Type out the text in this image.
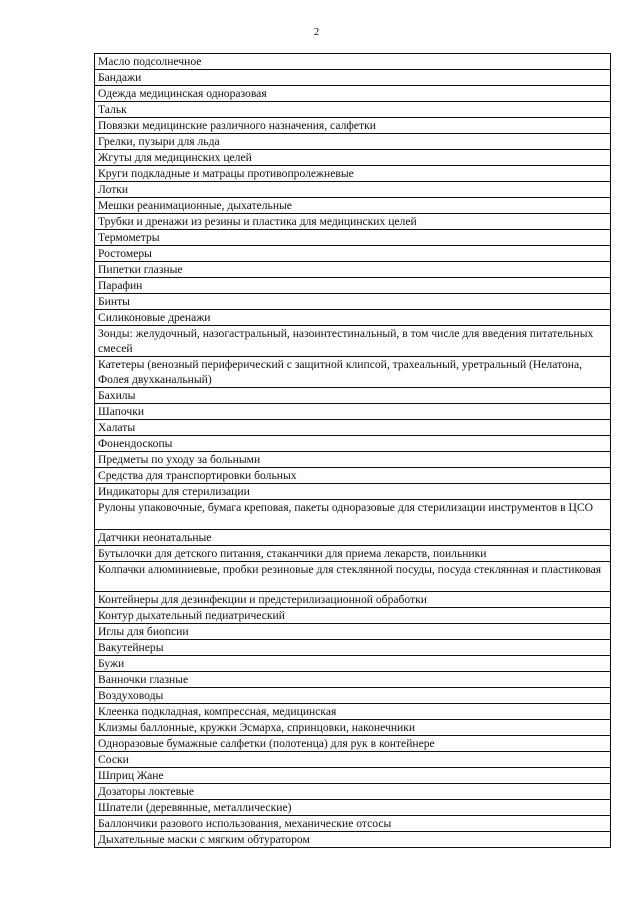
2
Масло подсолнечное
Бандажи
Одежда медицинская одноразовая
Тальк
Повязки медицинские различного назначения, салфетки
Грелки, пузыри для льда
Жгуты для медицинских целей
Круги подкладные и матрацы противопролежневые
Лотки
Мешки реанимационные, дыхательные
Трубки и дренажи из резины и пластика для медицинских целей
Термометры
Ростомеры
Пипетки глазные
Парафин
Бинты
Силиконовые дренажи
Зонды: желудочный, назогастральный, назоинтестинальный, в том числе для введения питательных смесей
Катетеры (венозный периферический с защитной клипсой, трахеальный, уретральный (Нелатона, Фолея двухканальный)
Бахилы
Шапочки
Халаты
Фонендоскопы
Предметы по уходу за больными
Средства для транспортировки больных
Индикаторы для стерилизации
Рулоны упаковочные, бумага креповая, пакеты одноразовые для стерилизации инструментов в ЦСО
Датчики неонатальные
Бутылочки для детского питания, стаканчики для приема лекарств, поильники
Колпачки алюминиевые, пробки резиновые для стеклянной посуды, посуда стеклянная и пластиковая
Контейнеры для дезинфекции и предстерилизационной обработки
Контур дыхательный педиатрический
Иглы для биопсии
Вакутейнеры
Бужи
Ванночки глазные
Воздуховоды
Клеенка подкладная, компрессная, медицинская
Клизмы баллонные, кружки Эсмарха, спринцовки, наконечники
Одноразовые бумажные салфетки (полотенца) для рук в контейнере
Соски
Шприц Жане
Дозаторы локтевые
Шпатели (деревянные, металлические)
Баллончики разового использования, механические отсосы
Дыхательные маски с мягким обтуратором
